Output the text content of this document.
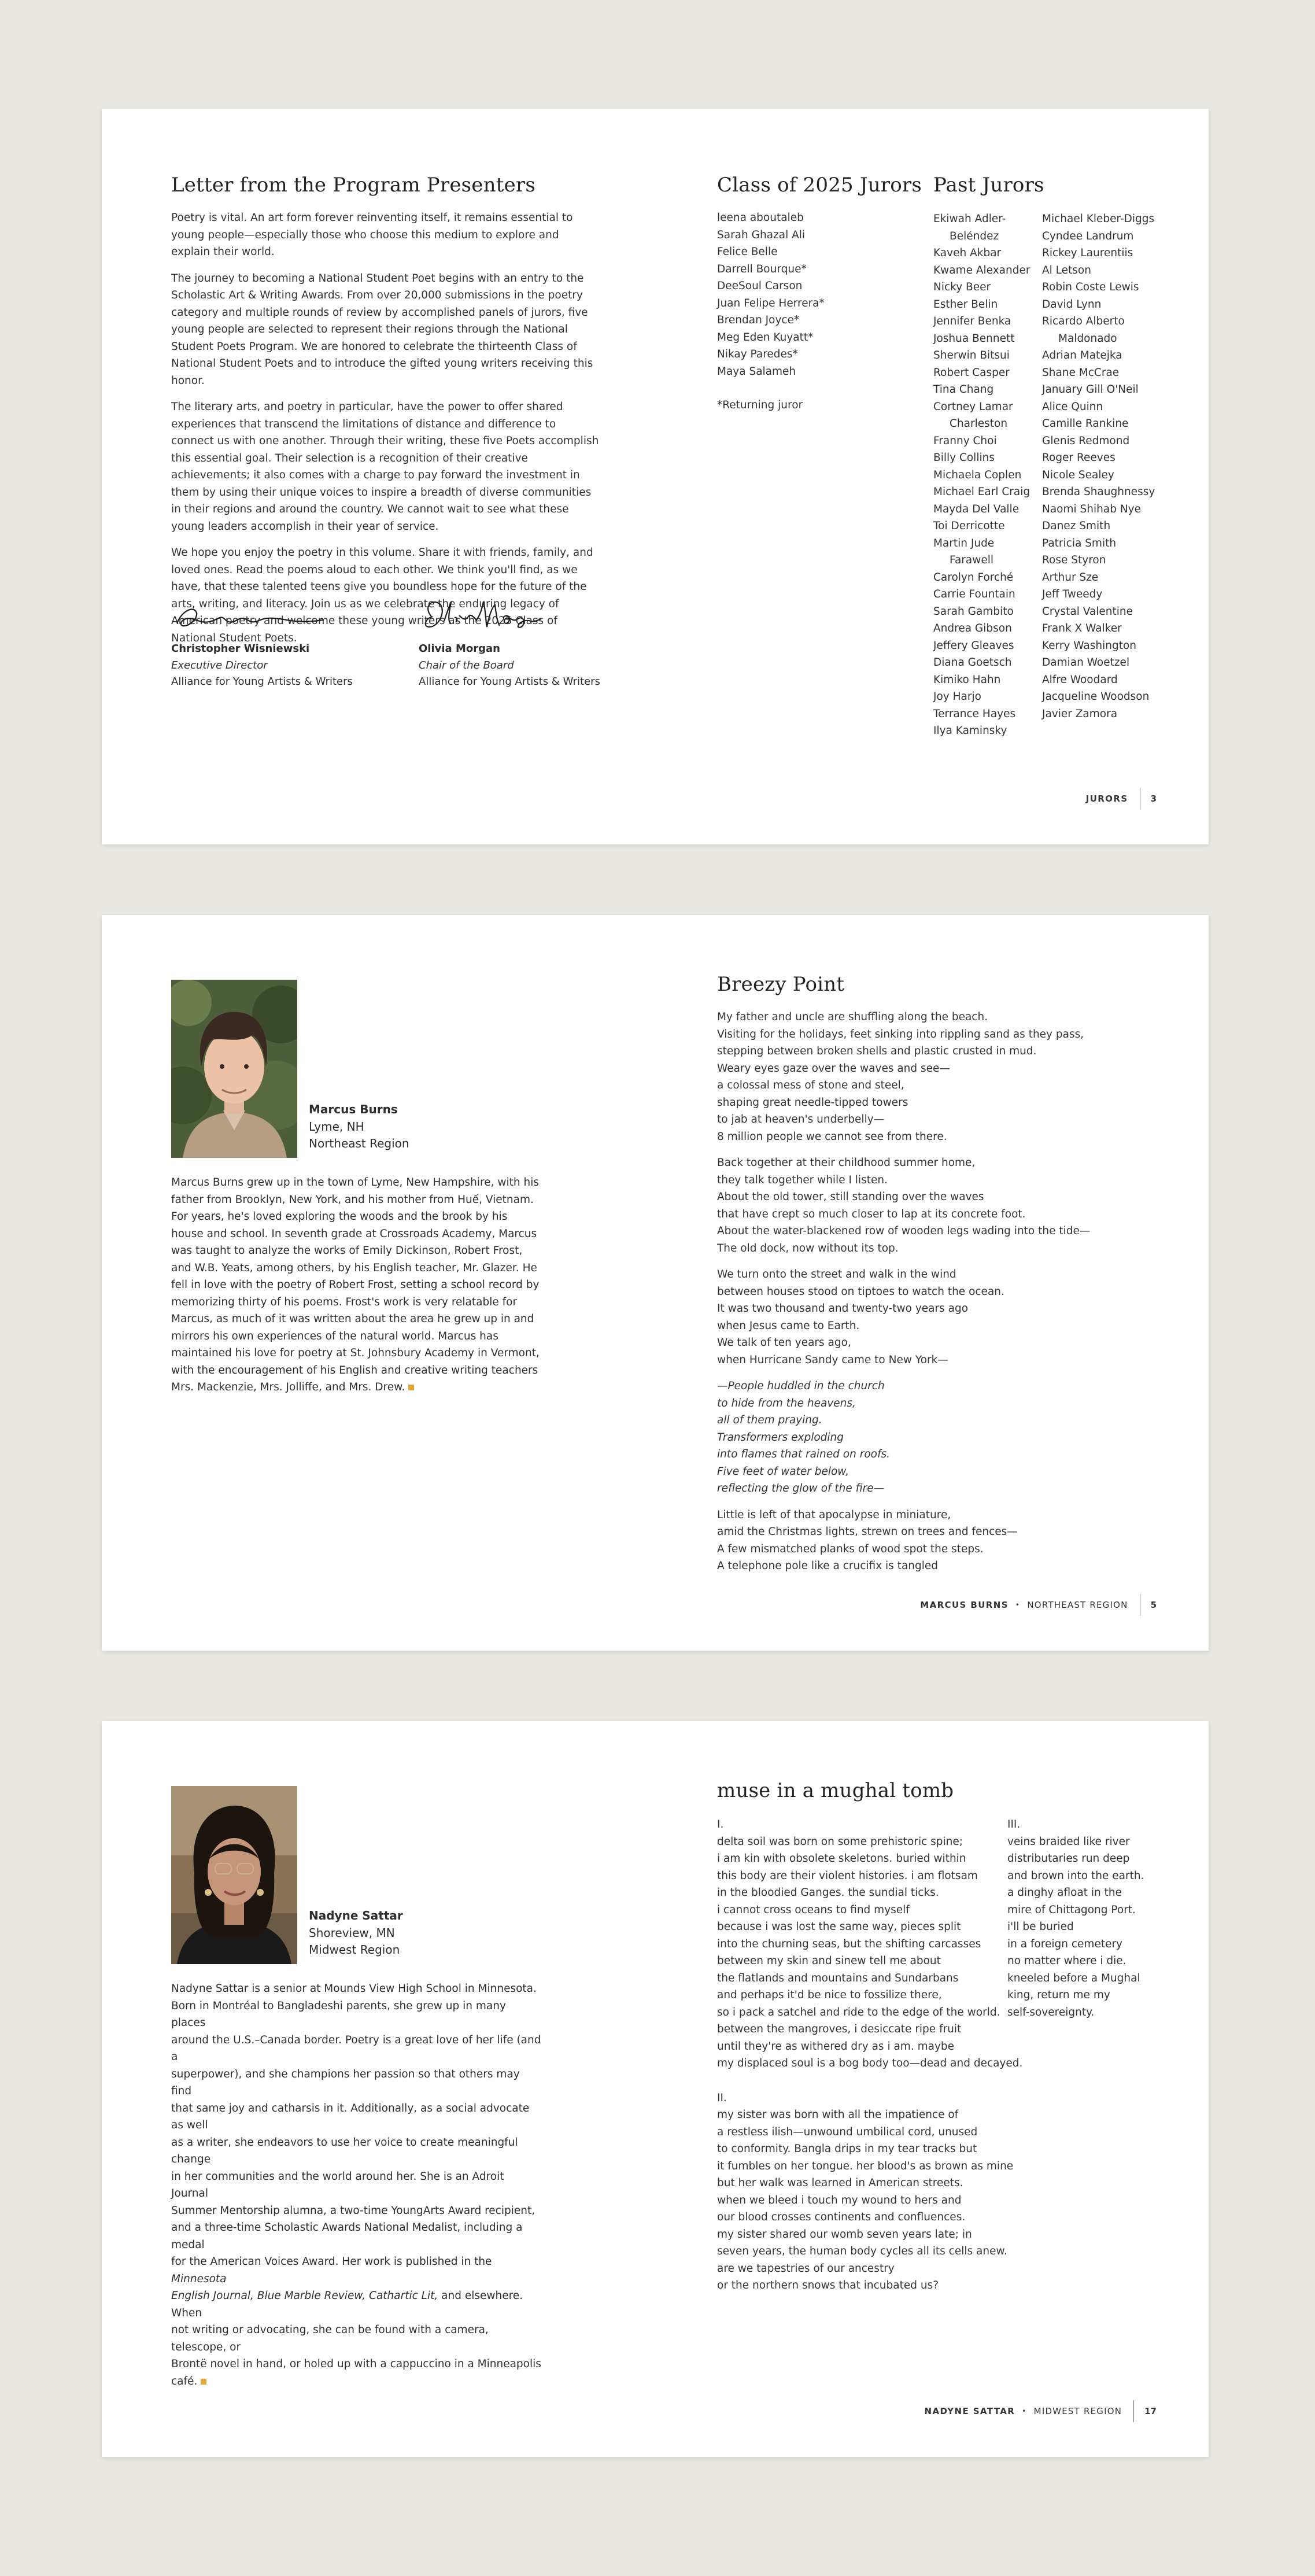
Letter from the Program Presenters

Poetry is vital. An art form forever reinventing itself, it remains essential to young people—especially those who choose this medium to explore and explain their world.

The journey to becoming a National Student Poet begins with an entry to the Scholastic Art & Writing Awards. From over 20,000 submissions in the poetry category and multiple rounds of review by accomplished panels of jurors, five young people are selected to represent their regions through the National Student Poets Program. We are honored to celebrate the thirteenth Class of National Student Poets and to introduce the gifted young writers receiving this honor.

The literary arts, and poetry in particular, have the power to offer shared experiences that transcend the limitations of distance and difference to connect us with one another. Through their writing, these five Poets accomplish this essential goal. Their selection is a recognition of their creative achievements; it also comes with a charge to pay forward the investment in them by using their unique voices to inspire a breadth of diverse communities in their regions and around the country. We cannot wait to see what these young leaders accomplish in their year of service.

We hope you enjoy the poetry in this volume. Share it with friends, family, and loved ones. Read the poems aloud to each other. We think you'll find, as we have, that these talented teens give you boundless hope for the future of the arts, writing, and literacy. Join us as we celebrate the enduring legacy of American poetry and welcome these young writers as the 2025 Class of National Student Poets.

Christopher Wisniewski
Executive Director
Alliance for Young Artists & Writers
Olivia Morgan
Chair of the Board
Alliance for Young Artists & Writers
Class of 2025 Jurors
leena aboutaleb
Sarah Ghazal Ali
Felice Belle
Darrell Bourque*
DeeSoul Carson
Juan Felipe Herrera*
Brendan Joyce*
Meg Eden Kuyatt*
Nikay Paredes*
Maya Salameh
*Returning juror
Past Jurors
Ekiwah Adler-
Beléndez
Kaveh Akbar
Kwame Alexander
Nicky Beer
Esther Belin
Jennifer Benka
Joshua Bennett
Sherwin Bitsui
Robert Casper
Tina Chang
Cortney Lamar
Charleston
Franny Choi
Billy Collins
Michaela Coplen
Michael Earl Craig
Mayda Del Valle
Toi Derricotte
Martin Jude
Farawell
Carolyn Forché
Carrie Fountain
Sarah Gambito
Andrea Gibson
Jeffery Gleaves
Diana Goetsch
Kimiko Hahn
Joy Harjo
Terrance Hayes
Ilya Kaminsky
Michael Kleber-Diggs
Cyndee Landrum
Rickey Laurentiis
Al Letson
Robin Coste Lewis
David Lynn
Ricardo Alberto
Maldonado
Adrian Matejka
Shane McCrae
January Gill O'Neil
Alice Quinn
Camille Rankine
Glenis Redmond
Roger Reeves
Nicole Sealey
Brenda Shaughnessy
Naomi Shihab Nye
Danez Smith
Patricia Smith
Rose Styron
Arthur Sze
Jeff Tweedy
Crystal Valentine
Frank X Walker
Kerry Washington
Damian Woetzel
Alfre Woodard
Jacqueline Woodson
Javier Zamora
JURORS	3
Marcus Burns
Lyme, NH
Northeast Region
Marcus Burns grew up in the town of Lyme, New Hampshire, with his father from Brooklyn, New York, and his mother from Huế, Vietnam. For years, he's loved exploring the woods and the brook by his house and school. In seventh grade at Crossroads Academy, Marcus was taught to analyze the works of Emily Dickinson, Robert Frost, and W.B. Yeats, among others, by his English teacher, Mr. Glazer. He fell in love with the poetry of Robert Frost, setting a school record by memorizing thirty of his poems. Frost's work is very relatable for Marcus, as much of it was written about the area he grew up in and mirrors his own experiences of the natural world. Marcus has maintained his love for poetry at St. Johnsbury Academy in Vermont, with the encouragement of his English and creative writing teachers Mrs. Mackenzie, Mrs. Jolliffe, and Mrs. Drew.
Breezy Point
My father and uncle are shuffling along the beach.
Visiting for the holidays, feet sinking into rippling sand as they pass,
stepping between broken shells and plastic crusted in mud.
Weary eyes gaze over the waves and see—
a colossal mess of stone and steel,
shaping great needle-tipped towers
to jab at heaven's underbelly—
8 million people we cannot see from there.
Back together at their childhood summer home,
they talk together while I listen.
About the old tower, still standing over the waves
that have crept so much closer to lap at its concrete foot.
About the water-blackened row of wooden legs wading into the tide—
The old dock, now without its top.
We turn onto the street and walk in the wind
between houses stood on tiptoes to watch the ocean.
It was two thousand and twenty-two years ago
when Jesus came to Earth.
We talk of ten years ago,
when Hurricane Sandy came to New York—
—People huddled in the church
to hide from the heavens,
all of them praying.
Transformers exploding
into flames that rained on roofs.
Five feet of water below,
reflecting the glow of the fire—
Little is left of that apocalypse in miniature,
amid the Christmas lights, strewn on trees and fences—
A few mismatched planks of wood spot the steps.
A telephone pole like a crucifix is tangled
MARCUS BURNS • NORTHEAST REGION	5
Nadyne Sattar
Shoreview, MN
Midwest Region
Nadyne Sattar is a senior at Mounds View High School in Minnesota.
Born in Montréal to Bangladeshi parents, she grew up in many places
around the U.S.–Canada border. Poetry is a great love of her life (and a
superpower), and she champions her passion so that others may find
that same joy and catharsis in it. Additionally, as a social advocate as well
as a writer, she endeavors to use her voice to create meaningful change
in her communities and the world around her. She is an Adroit Journal
Summer Mentorship alumna, a two-time YoungArts Award recipient,
and a three-time Scholastic Awards National Medalist, including a medal
for the American Voices Award. Her work is published in the Minnesota
English Journal, Blue Marble Review, Cathartic Lit, and elsewhere. When
not writing or advocating, she can be found with a camera, telescope, or
Brontë novel in hand, or holed up with a cappuccino in a Minneapolis café.
muse in a mughal tomb
I.
delta soil was born on some prehistoric spine;
i am kin with obsolete skeletons. buried within
this body are their violent histories. i am flotsam
in the bloodied Ganges. the sundial ticks.
i cannot cross oceans to find myself
because i was lost the same way, pieces split
into the churning seas, but the shifting carcasses
between my skin and sinew tell me about
the flatlands and mountains and Sundarbans
and perhaps it'd be nice to fossilize there,
so i pack a satchel and ride to the edge of the world.
between the mangroves, i desiccate ripe fruit
until they're as withered dry as i am. maybe
my displaced soul is a bog body too—dead and decayed.
II.
my sister was born with all the impatience of
a restless ilish—unwound umbilical cord, unused
to conformity. Bangla drips in my tear tracks but
it fumbles on her tongue. her blood's as brown as mine
but her walk was learned in American streets.
when we bleed i touch my wound to hers and
our blood crosses continents and confluences.
my sister shared our womb seven years late; in
seven years, the human body cycles all its cells anew.
are we tapestries of our ancestry
or the northern snows that incubated us?
III.
veins braided like river
distributaries run deep
and brown into the earth.
a dinghy afloat in the
mire of Chittagong Port.
i'll be buried
in a foreign cemetery
no matter where i die.
kneeled before a Mughal
king, return me my
self-sovereignty.
NADYNE SATTAR • MIDWEST REGION	17
